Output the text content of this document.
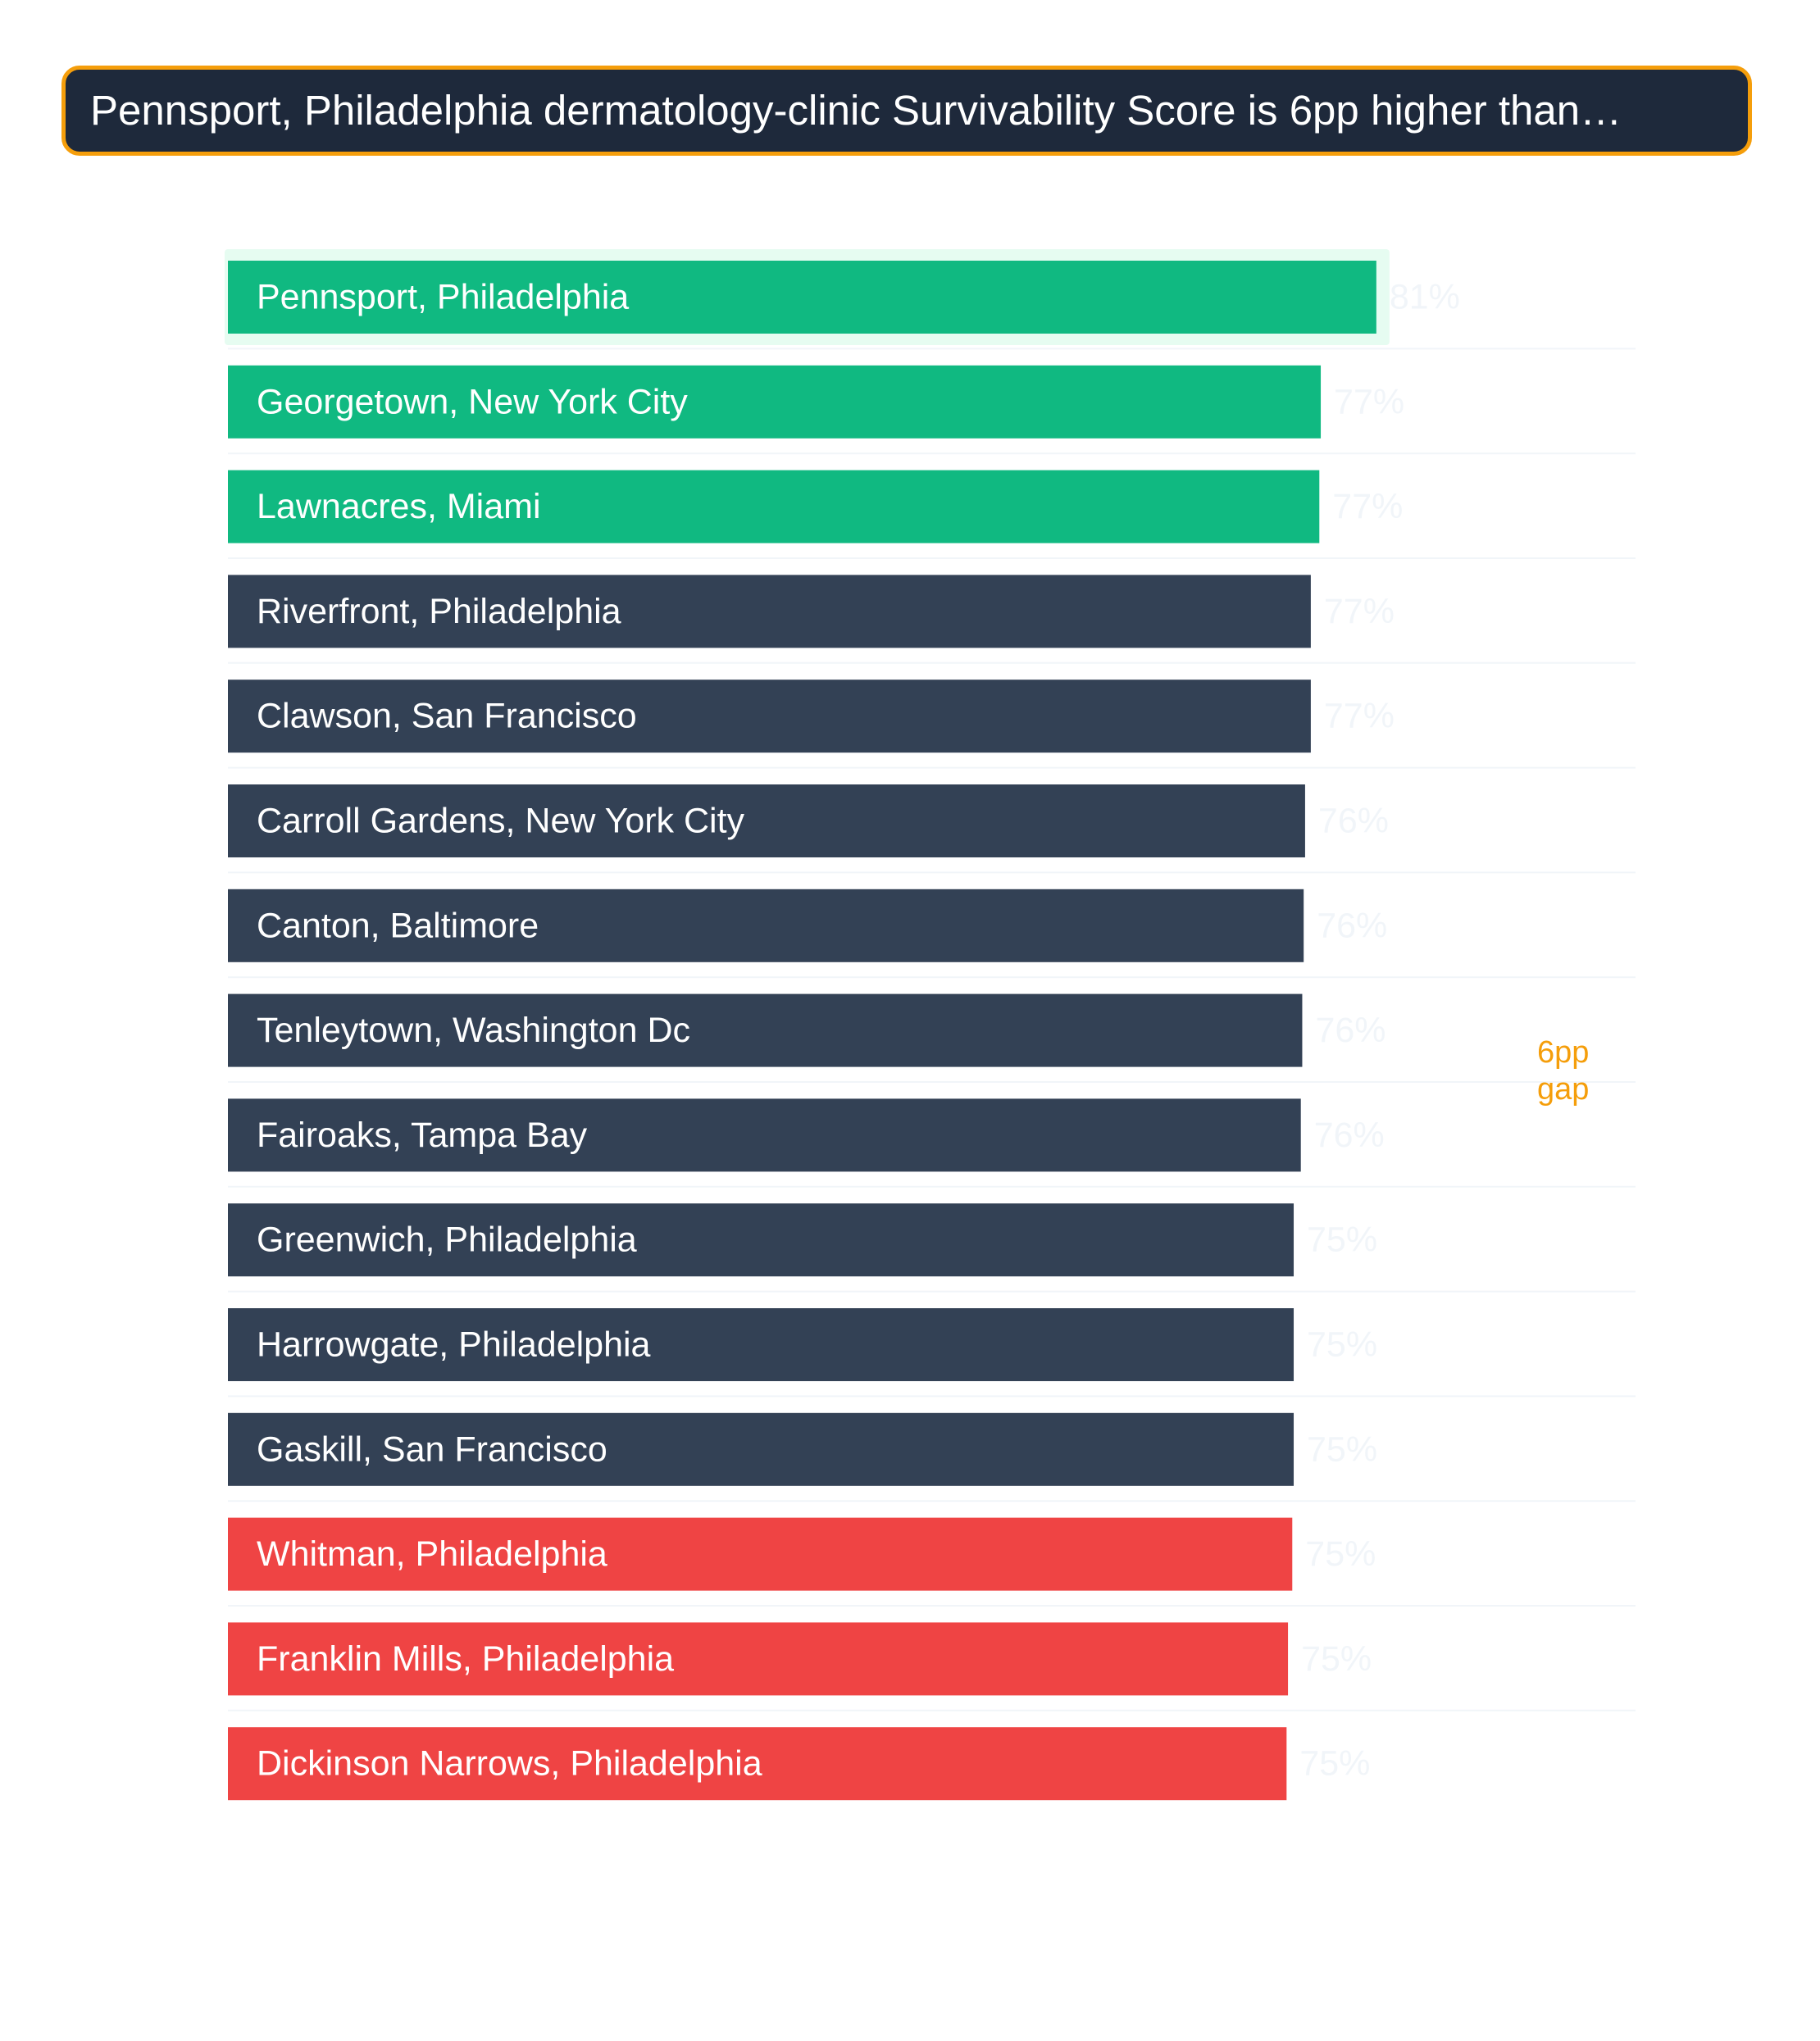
Pennsport, Philadelphia dermatology-clinic Survivability Score is 6pp higher than…
Pennsport, Philadelphia	81%
Georgetown, New York City	77%
Lawnacres, Miami	77%
Riverfront, Philadelphia	77%
Clawson, San Francisco	77%
Carroll Gardens, New York City	76%
Canton, Baltimore	76%
Tenleytown, Washington Dc	76%
Fairoaks, Tampa Bay	76%
Greenwich, Philadelphia	75%
Harrowgate, Philadelphia	75%
Gaskill, San Francisco	75%
Whitman, Philadelphia	75%
Franklin Mills, Philadelphia	75%
Dickinson Narrows, Philadelphia	75%
6pp
gap
